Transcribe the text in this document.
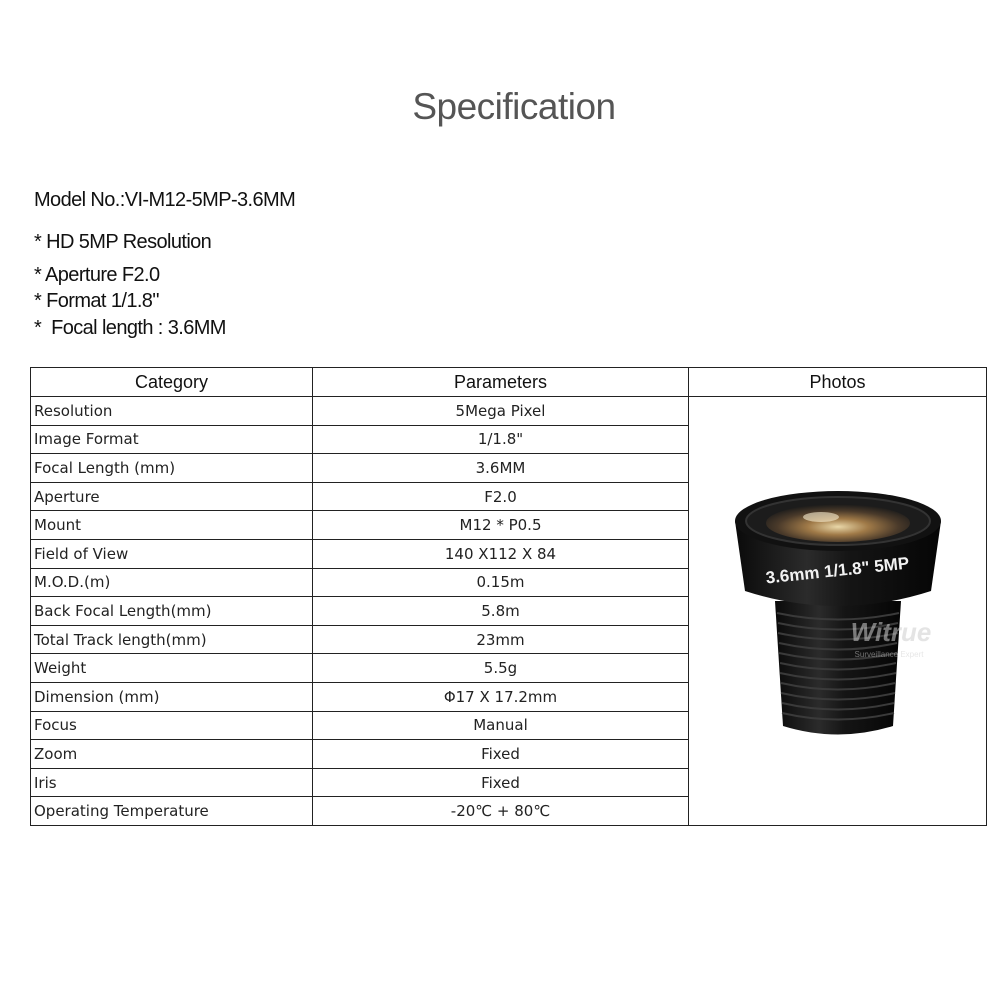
Specification
Model No.:VI-M12-5MP-3.6MM
* HD 5MP Resolution
* Aperture F2.0
* Format 1/1.8"
*  Focal length : 3.6MM
Category	Parameters	Photos
Resolution	5Mega Pixel	3.6mm 1/1.8" 5MP
Witrue
Surveillance Expert

Image Format	1/1.8"	
Focal Length (mm)	3.6MM	
Aperture	F2.0	
Mount	M12 * P0.5	
Field of View	140 X112 X 84	
M.O.D.(m)	0.15m	
Back Focal Length(mm)	5.8m	
Total Track length(mm)	23mm	
Weight	5.5g	
Dimension (mm)	Φ17 X 17.2mm	
Focus	Manual	
Zoom	Fixed	
Iris	Fixed	
Operating Temperature	-20℃ + 80℃	
